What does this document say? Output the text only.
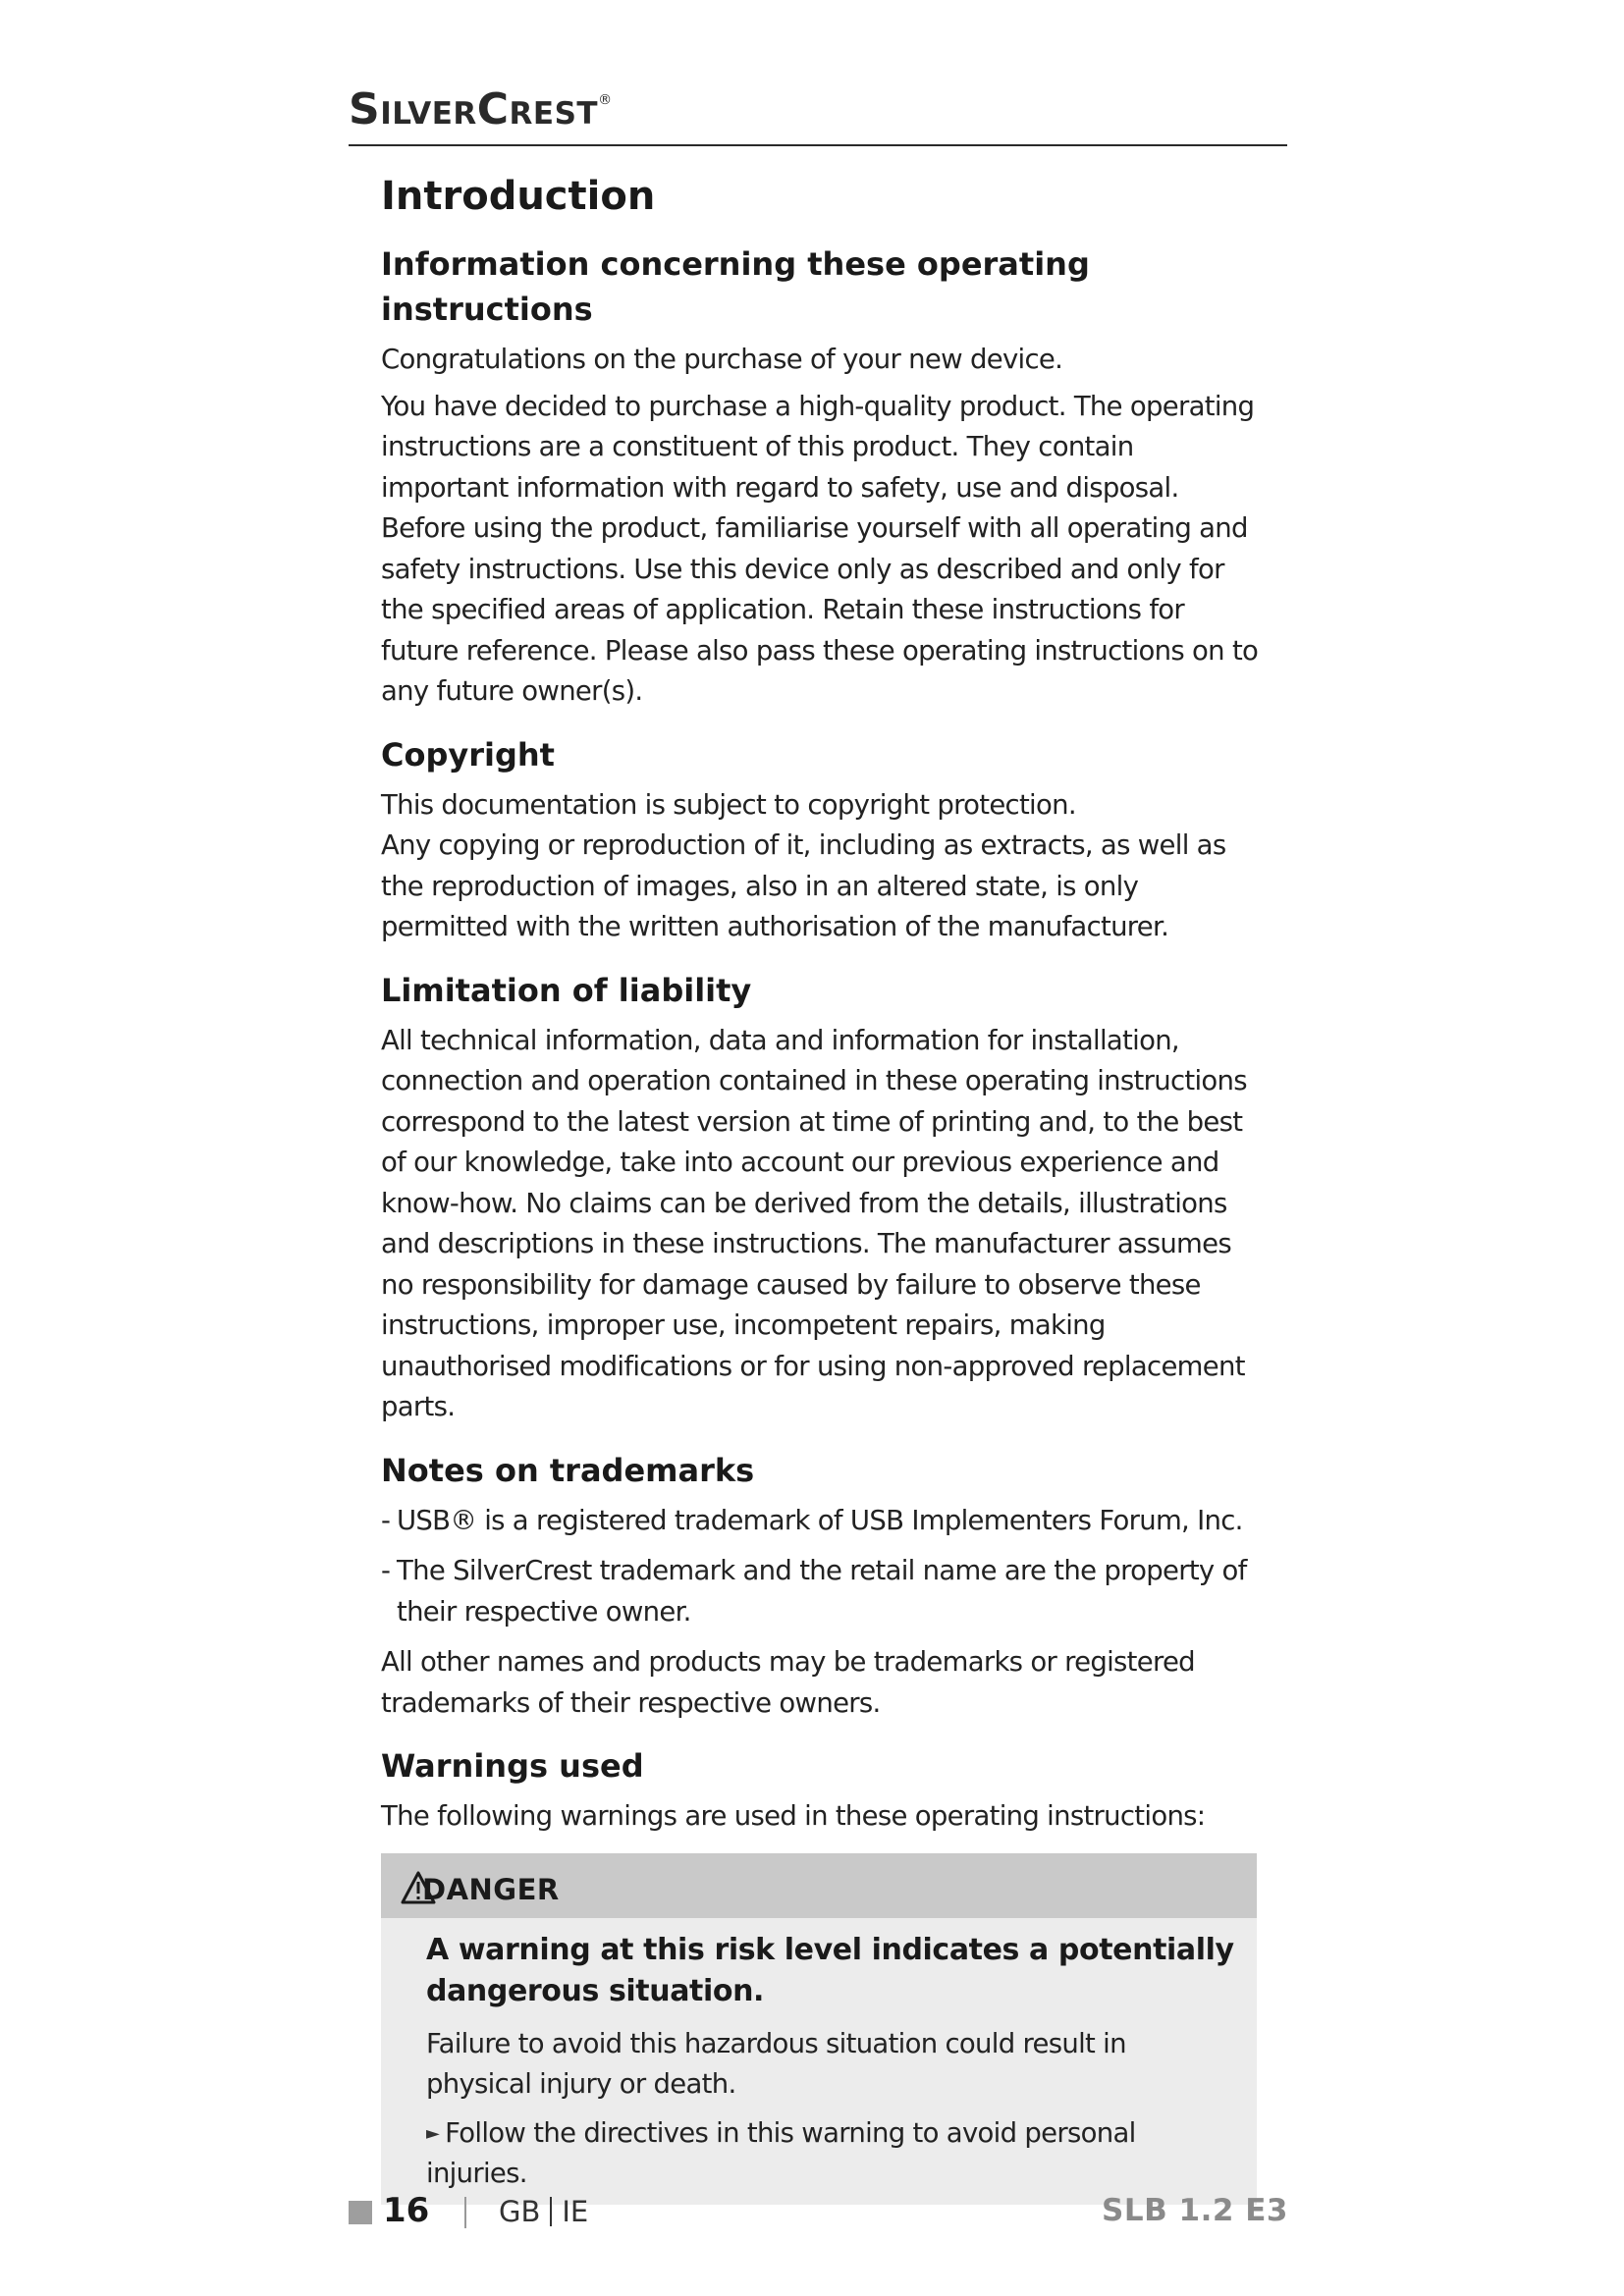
SilverCrest®
Introduction
Information concerning these operating instructions

Congratulations on the purchase of your new device.

You have decided to purchase a high-quality product. The operating instructions are a constituent of this product. They contain important information with regard to safety, use and disposal. Before using the product, familiarise yourself with all operating and safety instructions. Use this device only as described and only for the specified areas of application. Retain these instructions for future reference. Please also pass these operating instructions on to any future owner(s).

Copyright

This documentation is subject to copyright protection.

Any copying or reproduction of it, including as extracts, as well as the reproduction of images, also in an altered state, is only permitted with the written authorisation of the manufacturer.

Limitation of liability

All technical information, data and information for installation, connection and operation contained in these operating instructions correspond to the latest version at time of printing and, to the best of our knowledge, take into account our previous experience and know-how. No claims can be derived from the details, illustrations and descriptions in these instructions. The manufacturer assumes no responsibility for damage caused by failure to observe these instructions, improper use, incompetent repairs, making unauthorised modifications or for using non-approved replacement parts.

Notes on trademarks
- USB® is a registered trademark of USB Implementers Forum, Inc.
- The SilverCrest trademark and the retail name are the property of their respective owner.

All other names and products may be trademarks or registered trademarks of their respective owners.

Warnings used

The following warnings are used in these operating instructions:

DANGER
A warning at this risk level indicates a potentially dangerous situation.

Failure to avoid this hazardous situation could result in physical injury or death.

► Follow the directives in this warning to avoid personal injuries.
16 GB IE	SLB 1.2 E3
